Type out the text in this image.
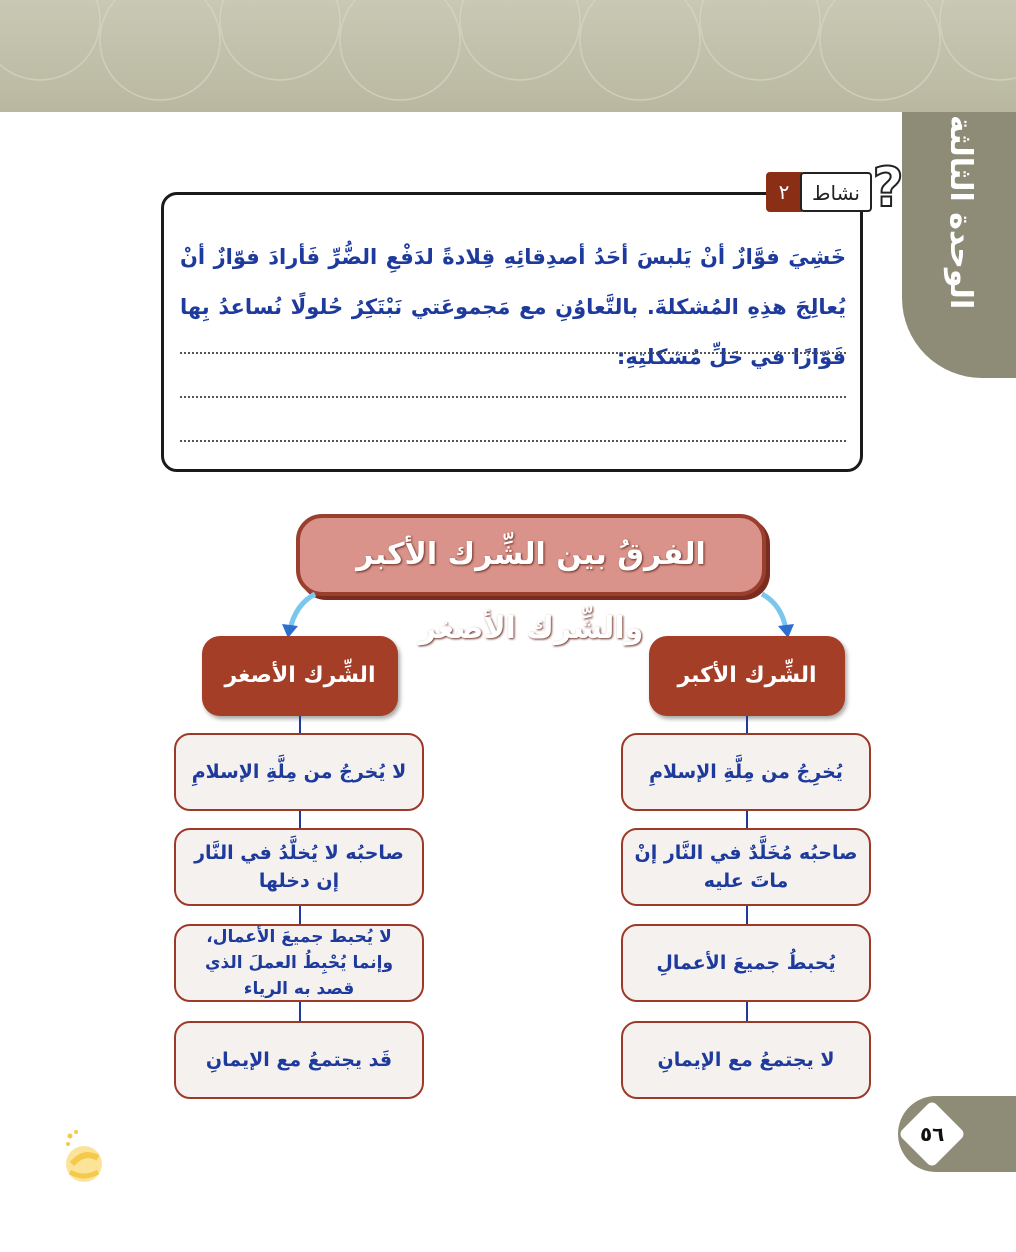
الوحدة الثالثة
٢	نشاط ?
خَشِيَ فوَّازٌ أنْ يَلبسَ أحَدُ أصدِقائِهِ قِلادةً لدَفْعِ الضُّرِّ فَأرادَ فوّازٌ أنْ يُعالِجَ هذِهِ المُشكلةَ. بالتَّعاوُنِ مع مَجموعَتي نَبْتَكِرُ حُلولًا نُساعدُ بِها فَوّازًا في حَلِّ مُشكلتِهِ:
الفرقُ بين الشِّرك الأكبر والشِّرك الأصغر
الشِّرك الأصغر	الشِّرك الأكبر
لا يُخرجُ من مِلَّةِ الإسلامِ
صاحبُه لا يُخلَّدُ في النَّار إن دخلها
لا يُحبط جميعَ الأعمال، وإنما يُحْبِطُ العملَ الذي قصد به الرياء
قَد يجتمعُ مع الإيمانِ
يُخرِجُ من مِلَّةِ الإسلامِ
صاحبُه مُخَلَّدٌ في النَّار إنْ ماتَ عليه
يُحبطُ جميعَ الأعمالِ
لا يجتمعُ مع الإيمانِ
٥٦
